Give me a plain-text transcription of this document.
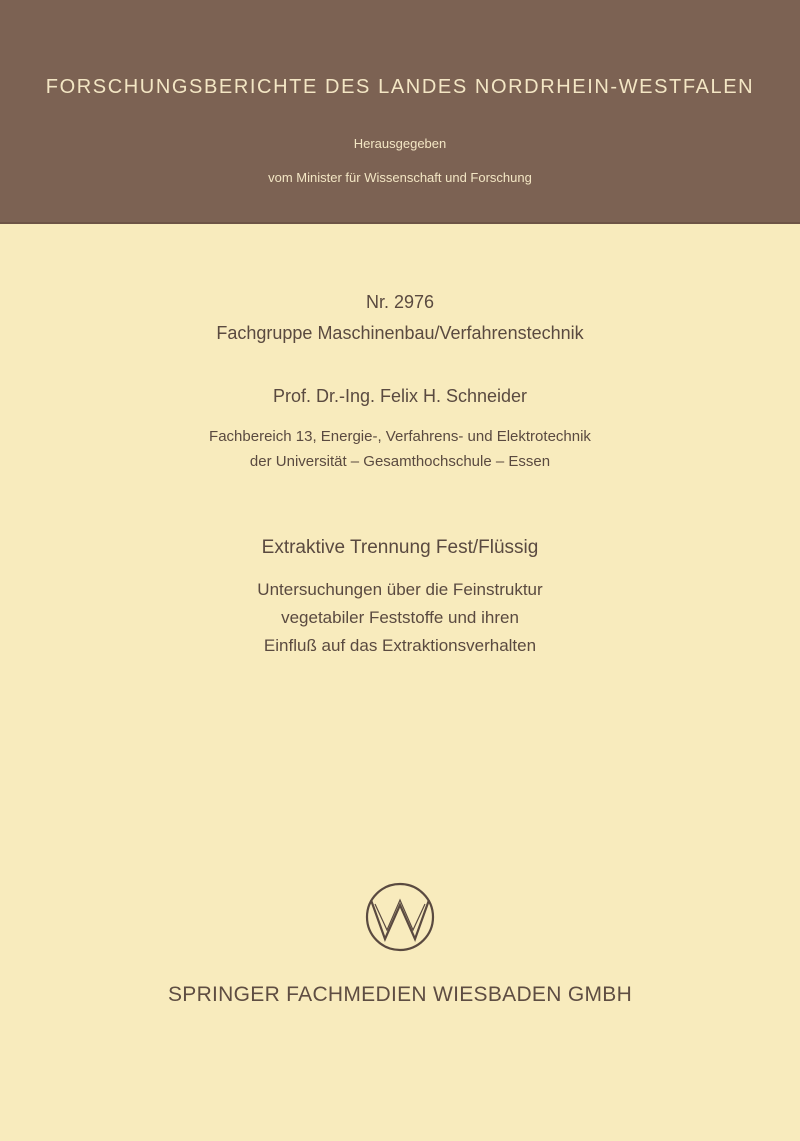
FORSCHUNGSBERICHTE DES LANDES NORDRHEIN-WESTFALEN
Herausgegeben
vom Minister für Wissenschaft und Forschung
Nr. 2976
Fachgruppe Maschinenbau/Verfahrenstechnik
Prof. Dr.-Ing. Felix H. Schneider
Fachbereich 13, Energie-, Verfahrens- und Elektrotechnik
der Universität – Gesamthochschule – Essen
Extraktive Trennung Fest/Flüssig
Untersuchungen über die Feinstruktur
vegetabiler Feststoffe und ihren
Einfluß auf das Extraktionsverhalten
SPRINGER FACHMEDIEN WIESBADEN GMBH
